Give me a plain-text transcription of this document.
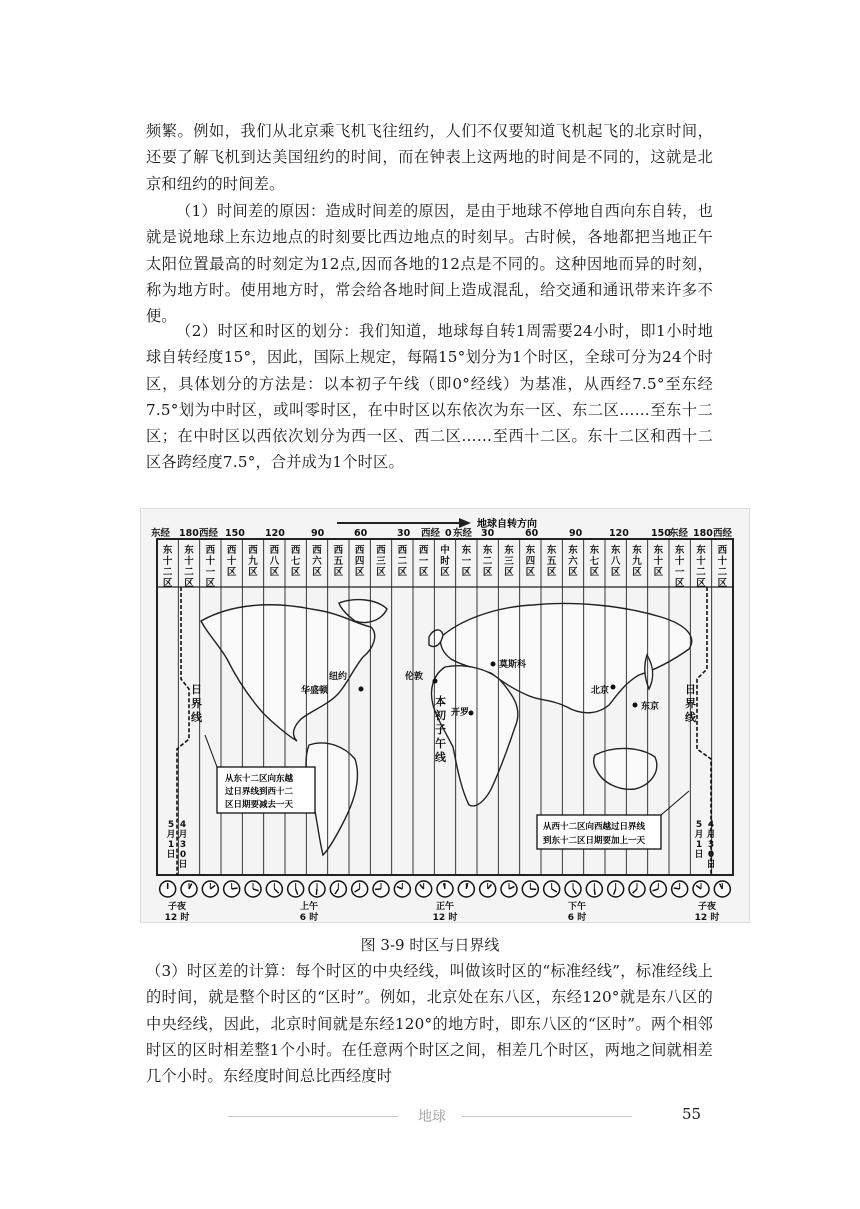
频繁。例如，我们从北京乘飞机飞往纽约，人们不仅要知道飞机起飞的北京时间，还要了解飞机到达美国纽约的时间，而在钟表上这两地的时间是不同的，这就是北京和纽约的时间差。

（1）时间差的原因：造成时间差的原因，是由于地球不停地自西向东自转，也就是说地球上东边地点的时刻要比西边地点的时刻早。古时候，各地都把当地正午太阳位置最高的时刻定为12点,因而各地的12点是不同的。这种因地而异的时刻，称为地方时。使用地方时，常会给各地时间上造成混乱，给交通和通讯带来许多不便。

（2）时区和时区的划分：我们知道，地球每自转1周需要24小时，即1小时地球自转经度15°，因此，国际上规定，每隔15°划分为1个时区，全球可分为24个时区，具体划分的方法是：以本初子午线（即0°经线）为基准，从西经7.5°至东经 7.5°划为中时区，或叫零时区，在中时区以东依次为东一区、东二区……至东十二区；在中时区以西依次划分为西一区、西二区……至西十二区。东十二区和西十二区各跨经度7.5°，合并成为1个时区。

地球自转方向
东经 180 西经 150 120	90	60	30 西经 0 东经 30	60	90	120 150
东经 180 西经
东
十
二
区
东
十
二
区
西
十
一
区
西
十
区
西
九
区
西
八
区
西
七
区
西
六
区
西
五
区
西
四
区
西
三
区
西
二
区
西
一
区
中
时
区
东
一
区
东
二
区
东
三
区
东
四
区
东
五
区
东
六
区
东
七
区
东
八
区
东
九
区
东
十
区
东
十
一
区
东
十
二
区
西
十
二
区
日
界
线
本
初
子
午
线
日
界
线
莫斯科
纽约
华盛顿
伦敦
开罗
北京
东京
从东十二区向东越
过日界线到西十二
区日期要减去一天
从西十二区向西越过日界线
到东十二区日期要加上一天
5
月
1
日
4
月
3
0
日
5
月
1
日
4
月
3
0
日
子夜
12 时
上午
6 时
正午
12 时
下午
6 时
子夜
12 时
图 3-9 时区与日界线

（3）时区差的计算：每个时区的中央经线，叫做该时区的“标准经线”，标准经线上的时间，就是整个时区的“区时”。例如，北京处在东八区，东经120°就是东八区的中央经线，因此，北京时间就是东经120°的地方时，即东八区的“区时”。两个相邻时区的区时相差整1个小时。在任意两个时区之间，相差几个时区，两地之间就相差几个小时。东经度时间总比西经度时

地球	55
